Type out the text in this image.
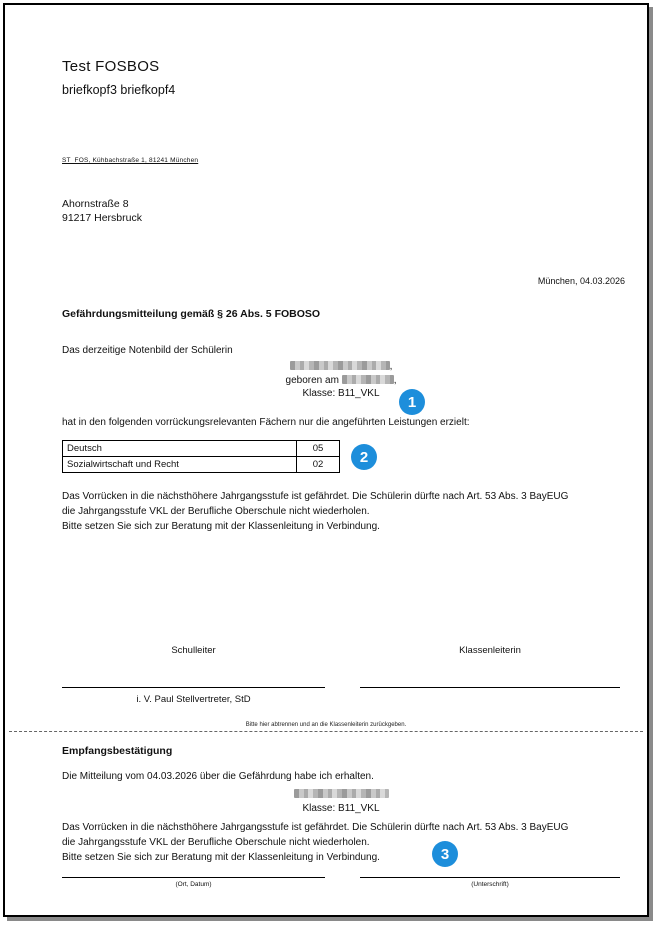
Test FOSBOS
briefkopf3 briefkopf4
ST_FOS, Kühbachstraße 1, 81241 München
Ahornstraße 8
91217 Hersbruck
München, 04.03.2026
Gefährdungsmitteilung gemäß § 26 Abs. 5 FOBOSO
Das derzeitige Notenbild der Schülerin
,
geboren am	,
Klasse: B11_VKL	1
hat in den folgenden vorrückungsrelevanten Fächern nur die angeführten Leistungen erzielt:
Deutsch	05
Sozialwirtschaft und Recht	02	2
Das Vorrücken in die nächsthöhere Jahrgangsstufe ist gefährdet. Die Schülerin dürfte nach Art. 53 Abs. 3 BayEUG
die Jahrgangsstufe VKL der Berufliche Oberschule nicht wiederholen.
Bitte setzen Sie sich zur Beratung mit der Klassenleitung in Verbindung.
Schulleiter	Klassenleiterin
i. V. Paul Stellvertreter, StD
Bitte hier abtrennen und an die Klassenleiterin zurückgeben.
Empfangsbestätigung
Die Mitteilung vom 04.03.2026 über die Gefährdung habe ich erhalten.
Klasse: B11_VKL
Das Vorrücken in die nächsthöhere Jahrgangsstufe ist gefährdet. Die Schülerin dürfte nach Art. 53 Abs. 3 BayEUG
die Jahrgangsstufe VKL der Berufliche Oberschule nicht wiederholen.
Bitte setzen Sie sich zur Beratung mit der Klassenleitung in Verbindung.	3
(Ort, Datum)	(Unterschrift)
